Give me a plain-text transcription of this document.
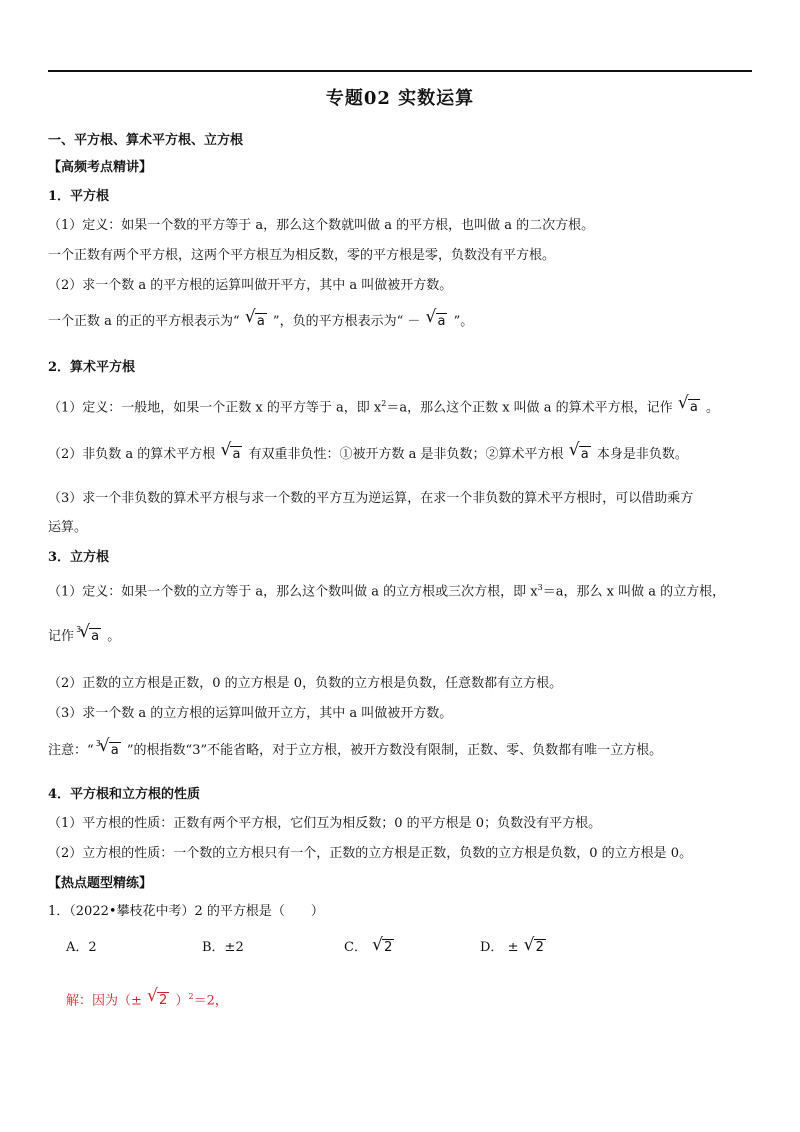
专题02 实数运算
一、平方根、算术平方根、立方根
【高频考点精讲】
1．平方根
（1）定义：如果一个数的平方等于 a，那么这个数就叫做 a 的平方根，也叫做 a 的二次方根。
一个正数有两个平方根，这两个平方根互为相反数，零的平方根是零，负数没有平方根。
（2）求一个数 a 的平方根的运算叫做开平方，其中 a 叫做被开方数。
一个正数 a 的正的平方根表示为“ √ a ”，负的平方根表示为“ － √ a ”。
2．算术平方根
（1）定义：一般地，如果一个正数 x 的平方等于 a，即 $x^2=a$，那么这个正数 x 叫做 a 的算术平方根，记作 √ a 。
（2）非负数 a 的算术平方根 √ a 有双重非负性：①被开方数 a 是非负数；②算术平方根 √ a 本身是非负数。
（3）求一个非负数的算术平方根与求一个数的平方互为逆运算，在求一个非负数的算术平方根时，可以借助乘方
运算。
3．立方根
（1）定义：如果一个数的立方等于 a，那么这个数叫做 a 的立方根或三次方根，即 $x^3=a$，那么 x 叫做 a 的立方根，
记作 √ 3 a 。
（2）正数的立方根是正数，0 的立方根是 0，负数的立方根是负数，任意数都有立方根。
（3）求一个数 a 的立方根的运算叫做开立方，其中 a 叫做被开方数。
注意：“ √ 3 a ”的根指数“3”不能省略，对于立方根，被开方数没有限制，正数、零、负数都有唯一立方根。
4．平方根和立方根的性质
（1）平方根的性质：正数有两个平方根，它们互为相反数；0 的平方根是 0；负数没有平方根。
（2）立方根的性质：一个数的立方根只有一个，正数的立方根是正数，负数的立方根是负数，0 的立方根是 0。
【热点题型精练】
1．（2022•攀枝花中考）2 的平方根是（　　）
A．2	B．±2	C． √ 2	D． ± √ 2
解：因为（± √ 2 ）$^2$＝2，
